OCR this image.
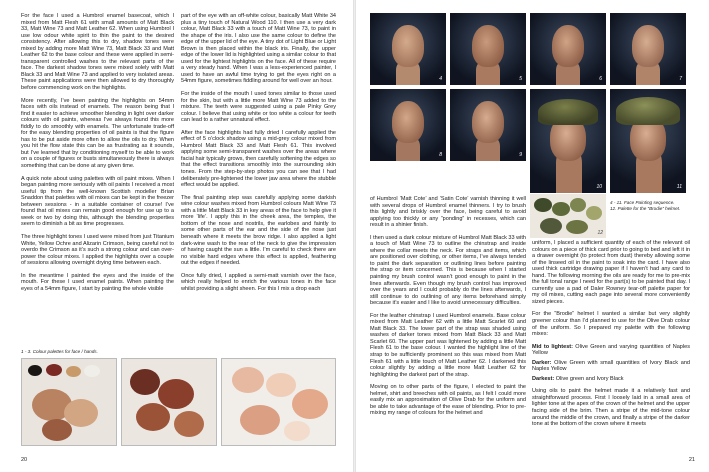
For the face I used a Humbrol enamel basecoat, which I mixed from Matt Flesh 61 with small amounts of Matt Black 33, Matt Wine 73 and Matt Leather 62. When using Humbrol I use low odour white spirit to thin the paint to the desired consistency. After allowing this to dry, shadow tones were mixed by adding more Matt Wine 73, Matt Black 33 and Matt Leather 62 to the base colour and these were applied in semi-transparent controlled washes to the relevant parts of the face. The darkest shadow tones were mixed solely with Matt Black 33 and Matt Wine 73 and applied to very isolated areas. These paint applications were then allowed to dry thoroughly before commencing work on the highlights.

More recently, I’ve been painting the highlights on 54mm faces with oils instead of enamels. The reason being that I find it easier to achieve smoother blending in light over darker colours with oil paints, whereas I’ve always found this more fiddly to do smoothly with enamels. The unfortunate trade-off for the easy blending properties of oil paints is that the figure has to be put aside more often to allow the oils to dry. When you hit the flow state this can be as frustrating as it sounds, but I’ve learned that by conditioning myself to be able to work on a couple of figures or busts simultaneously there is always something that can be done at any given time.

A quick note about using palettes with oil paint mixes. When I began painting more seriously with oil paints I received a most useful tip from the well-known Scottish modeller Brian Snaddon that palettes with oil mixes can be kept in the freezer between sessions - in a suitable container of course! I’ve found that oil mixes can remain good enough for use up to a week or two by doing this, although the blending properties seem to diminish a bit as time progresses.

The three highlight tones I used were mixed from just Titanium White, Yellow Ochre and Alizarin Crimson, being careful not to overdo the Crimson as it’s such a strong colour and can over-power the colour mixes. I applied the highlights over a couple of sessions allowing overnight drying time between each.

In the meantime I painted the eyes and the inside of the mouth. For these I used enamel paints. When painting the eyes of a 54mm figure, I start by painting the whole visible

part of the eye with an off-white colour, basically Matt White 34 plus a tiny touch of Natural Wood 110. I then use a very dark colour, Matt Black 33 with a touch of Matt Wine 73, to paint in the shape of the iris. I also use the same colour to define the edge of the upper lid of the eye. A tiny dot of Light Blue or Light Brown is then placed within the black iris. Finally, the upper edge of the lower lid is highlighted using a similar colour to that used for the lightest highlights on the face. All of these require a very steady hand. When I was a less-experienced painter, I used to have an awful time trying to get the eyes right on a 54mm figure, sometimes fiddling around for well over an hour.

For the inside of the mouth I used tones similar to those used for the skin, but with a little more Matt Wine 73 added to the mixture. The teeth were suggested using a pale Pinky Grey colour. I believe that using white or too white a colour for teeth can lead to a rather unnatural effect.

After the face highlights had fully dried I carefully applied the effect of 5 o’clock shadow using a mid-grey colour mixed from Humbrol Matt Black 33 and Matt Flesh 61. This involved applying some semi-transparent washes over the areas where facial hair typically grows, then carefully softening the edges so that the effect transitions smoothly into the surrounding skin tones. From the step-by-step photos you can see that I had deliberately pre-lightened the lower jaw area where the stubble effect would be applied.

The final painting step was carefully applying some darkish wine colour washes mixed from Humbrol colours Matt Wine 73 with a little Matt Black 33 in key areas of the face to help give it more ‘life’. I apply this in the cheek area, the temples, the bottom of the nose and nostrils, the earlobes and faintly to some other parts of the ear and the side of the nose just beneath where it meets the brow ridge. I also applied a light dark-wine wash to the rear of the neck to give the impression of having caught the sun a little. I’m careful to check there are no visible hard edges where this effect is applied, feathering out the edges if needed.

Once fully dried, I applied a semi-matt varnish over the face, which really helped to enrich the various tones in the face whilst providing a slight sheen. For this I mix a drop each

1 - 3. Colour palettes for face / hands.
20
4	5	6	7
8	9
10	11
12
4 - 11. Face Painting sequence.
12. Palette for the “Brodie” helmet.

of Humbrol ‘Matt Cote’ and ‘Satin Cote’ varnish thinning it well with several drops of Humbrol enamel thinners. I try to brush this lightly and briskly over the face, being careful to avoid applying too thickly or any “ponding” in recesses, which can result in a shinier finish.

I then used a dark colour mixture of Humbrol Matt Black 33 with a touch of Matt Wine 73 to outline the chinstrap and inside where the collar meets the neck. For straps and items, which are positioned over clothing, or other items, I’ve always tended to paint the dark separation or outlining lines before painting the strap or item concerned. This is because when I started painting my brush control wasn’t good enough to paint in the lines afterwards. Even though my brush control has improved over the years and I could probably do the lines afterwards, I still continue to do outlining of any items beforehand simply because it’s easier and I like to avoid unnecessary difficulties.

For the leather chinstrap I used Humbrol enamels. Base colour mixed from Matt Leather 62 with a little Matt Scarlet 60 and Matt Black 33. The lower part of the strap was shaded using washes of darker tones mixed from Matt Black 33 and Matt Scarlet 60. The upper part was lightened by adding a little Matt Flesh 61 to the base colour. I wanted the highlight line of the strap to be sufficiently prominent so this was mixed from Matt Flesh 61 with a little touch of Matt Leather 62. I darkened this colour slightly by adding a little more Matt Leather 62 for highlighting the darkest part of the strap.

Moving on to other parts of the figure, I elected to paint the helmet, shirt and breeches with oil paints, as I felt I could more easily mix an approximation of Olive Drab for the uniform and be able to take advantage of the ease of blending. Prior to pre-mixing my range of colours for the helmet and

uniform, I placed a sufficient quantity of each of the relevant oil colours on a piece of thick card prior to going to bed and left it in a drawer overnight (to protect from dust) thereby allowing some of the linseed oil in the paint to soak into the card. I have also used thick cartridge drawing paper if I haven’t had any card to hand. The following morning the oils are ready for me to pre-mix the full tonal range I need for the part(s) to be painted that day. I currently use a pad of Daler Rowney tear-off palette paper for my oil mixes, cutting each page into several more conveniently sized pieces.

For the “Brodie” helmet I wanted a similar but very slightly greener colour than I’d planned to use for the Olive Drab colour of the uniform. So I prepared my palette with the following mixes:

Mid to lightest: Olive Green and varying quantities of Naples Yellow

Darker: Olive Green with small quantities of Ivory Black and Naples Yellow

Darkest: Olive green and Ivory Black

Using oils to paint the helmet made it a relatively fast and straightforward process. First I loosely laid in a small area of lighter tone at the apex of the crown of the helmet and the upper facing side of the brim. Then a stripe of the mid-tone colour around the middle of the crown, and finally a stripe of the darker tone at the bottom of the crown where it meets

21
